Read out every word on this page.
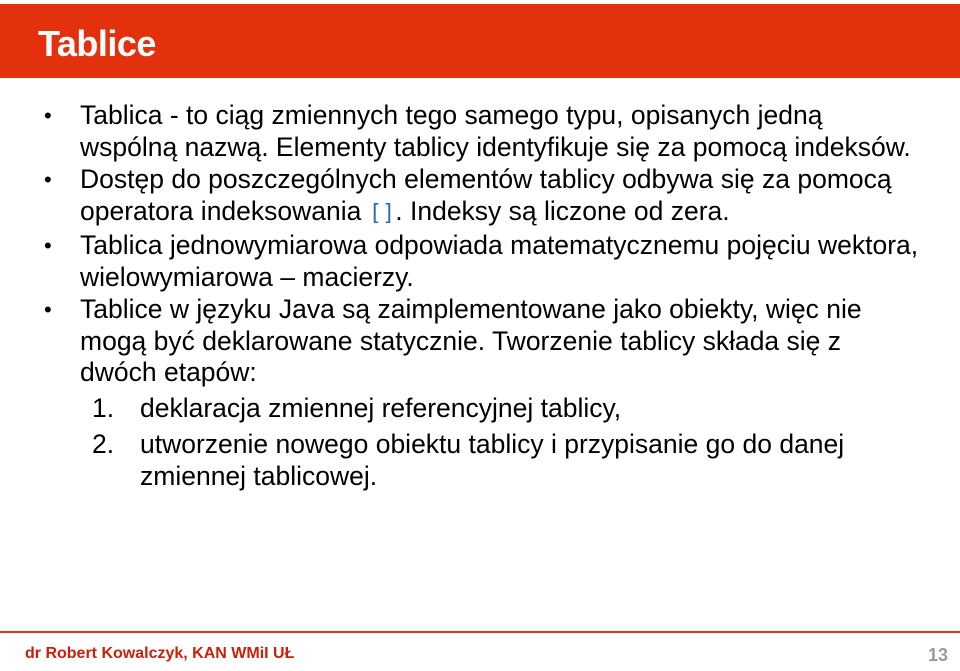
Tablice
• Tablica - to ciąg zmiennych tego samego typu, opisanych jedną wspólną nazwą. Elementy tablicy identyfikuje się za pomocą indeksów.
• Dostęp do poszczególnych elementów tablicy odbywa się za pomocą operatora indeksowania []. Indeksy są liczone od zera.
• Tablica jednowymiarowa odpowiada matematycznemu pojęciu wektora, wielowymiarowa – macierzy.
• Tablice w języku Java są zaimplementowane jako obiekty, więc nie mogą być deklarowane statycznie. Tworzenie tablicy składa się z dwóch etapów:
1. deklaracja zmiennej referencyjnej tablicy,
2. utworzenie nowego obiektu tablicy i przypisanie go do danej zmiennej tablicowej.
dr Robert Kowalczyk, KAN WMiI UŁ	13
